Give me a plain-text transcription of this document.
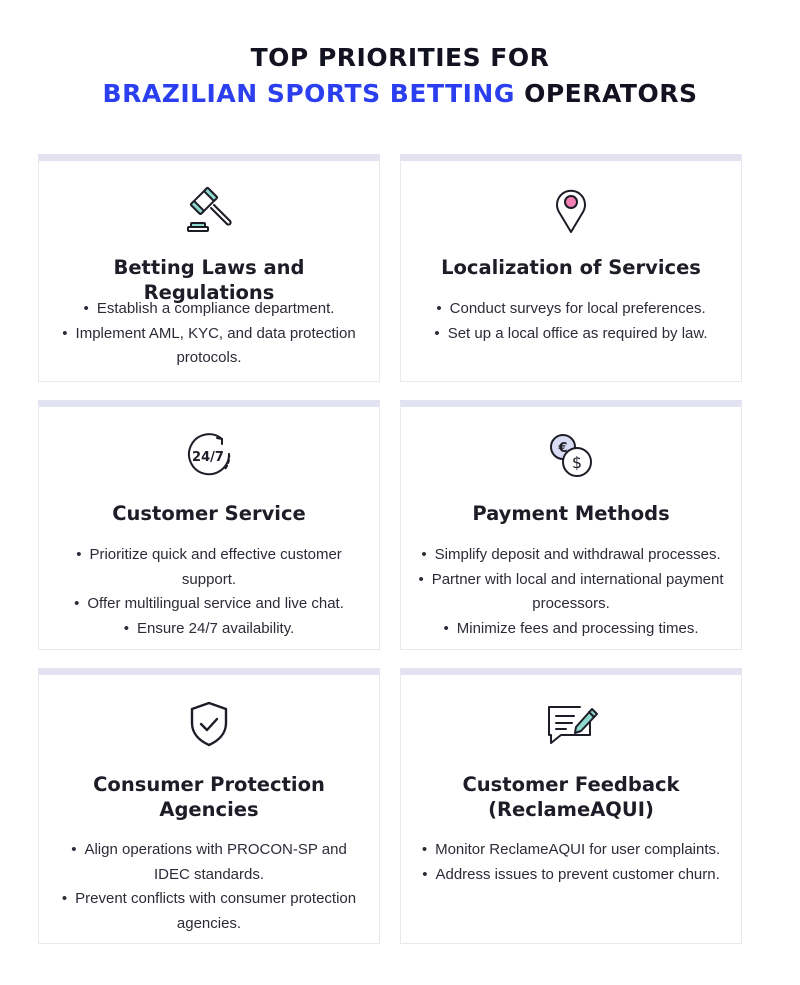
TOP PRIORITIES FOR
BRAZILIAN SPORTS BETTING OPERATORS
Betting Laws and Regulations
• Establish a compliance department.
• Implement AML, KYC, and data protection protocols.
Localization of Services
• Conduct surveys for local preferences.
• Set up a local office as required by law.
24/7
Customer Service
• Prioritize quick and effective customer support.
• Offer multilingual service and live chat.
• Ensure 24/7 availability.
€
$
Payment Methods
• Simplify deposit and withdrawal processes.
• Partner with local and international payment processors.
• Minimize fees and processing times.
Consumer Protection Agencies
• Align operations with PROCON-SP and IDEC standards.
• Prevent conflicts with consumer protection agencies.
Customer Feedback (ReclameAQUI)
• Monitor ReclameAQUI for user complaints.
• Address issues to prevent customer churn.
